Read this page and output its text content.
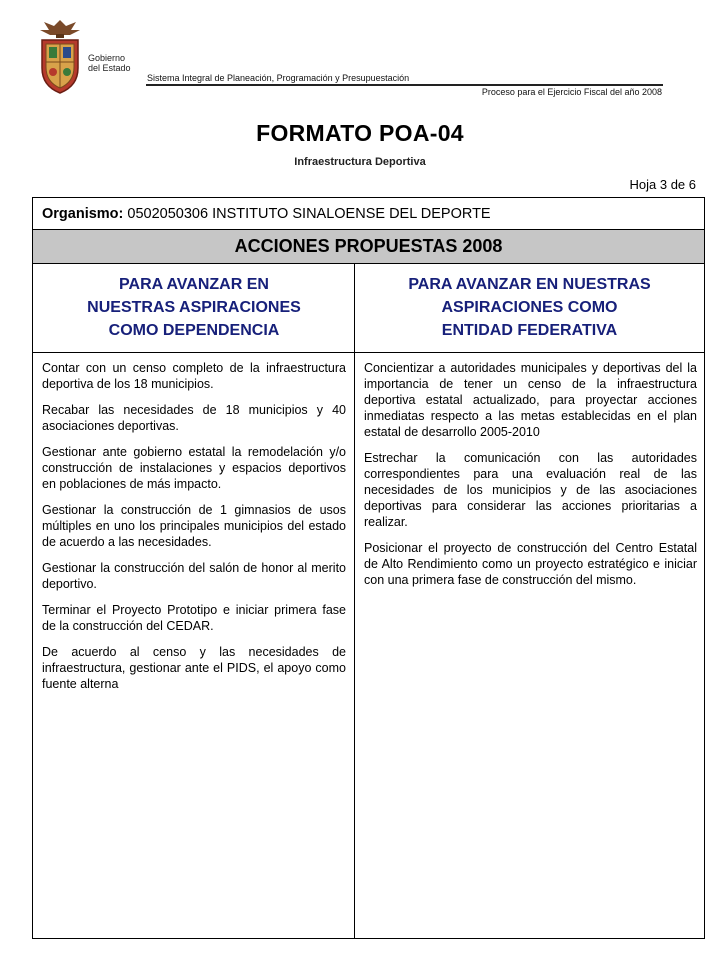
Gobierno
del Estado
Sistema Integral de Planeación, Programación y Presupuestación
Proceso para el Ejercicio Fiscal del año 2008
FORMATO POA-04
Infraestructura Deportiva
Hoja 3 de 6
Organismo: 0502050306 INSTITUTO SINALOENSE DEL DEPORTE
ACCIONES PROPUESTAS 2008
PARA AVANZAR EN
NUESTRAS ASPIRACIONES
COMO DEPENDENCIA
PARA AVANZAR EN NUESTRAS
ASPIRACIONES COMO
ENTIDAD FEDERATIVA

Contar con un censo completo de la infraestructura deportiva de los 18 municipios.

Recabar las necesidades de 18 municipios y 40 asociaciones deportivas.

Gestionar ante gobierno estatal la remodelación y/o construcción de instalaciones y espacios deportivos en poblaciones de más impacto.

Gestionar la construcción de 1 gimnasios de usos múltiples en uno los principales municipios del estado de acuerdo a las necesidades.

Gestionar la construcción del salón de honor al merito deportivo.

Terminar el Proyecto Prototipo e iniciar primera fase de la construcción del CEDAR.

De acuerdo al censo y las necesidades de infraestructura, gestionar ante el PIDS, el apoyo como fuente alterna

Concientizar a autoridades municipales y deportivas del la importancia de tener un censo de la infraestructura deportiva estatal actualizado, para proyectar acciones inmediatas respecto a las metas establecidas en el plan estatal de desarrollo 2005-2010

Estrechar la comunicación con las autoridades correspondientes para una evaluación real de las necesidades de los municipios y de las asociaciones deportivas para considerar las acciones prioritarias a realizar.

Posicionar el proyecto de construcción del Centro Estatal de Alto Rendimiento como un proyecto estratégico e iniciar con una primera fase de construcción del mismo.
